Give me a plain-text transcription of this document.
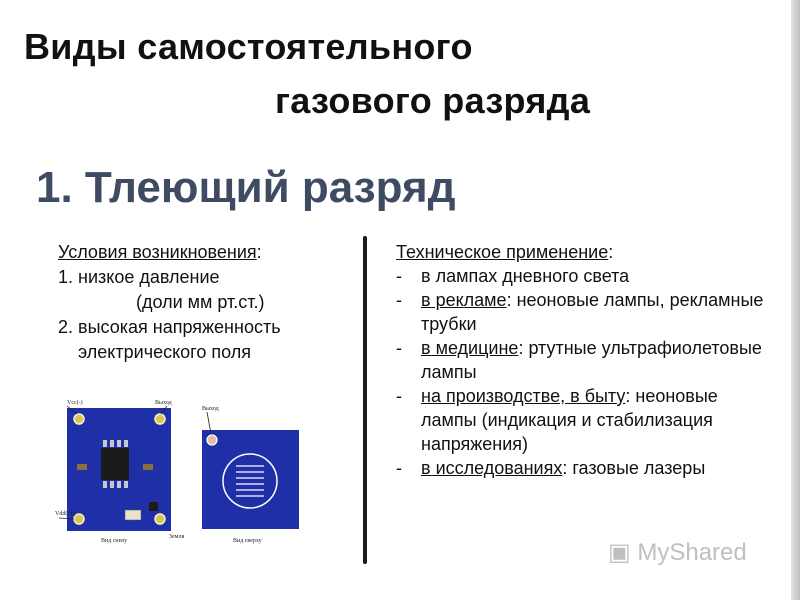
Виды самостоятельного
газового разряда
1. Тлеющий разряд
Условия возникновения:
1. низкое давление
(доли мм рт.ст.)
2. высокая напряженность
электрического поля
Техническое применение:
-	в лампах дневного света
-	в рекламе: неоновые лампы, рекламные трубки
-	в медицине: ртутные ультрафиолетовые лампы
-	на производстве, в быту: неоновые лампы (индикация и стабилизация напряжения)
-	в исследованиях: газовые лазеры
Vcc(-)	Выход
Vdd(+0)
Земля
Вид снизу
Выход
Вид сверху	▣ MyShared
